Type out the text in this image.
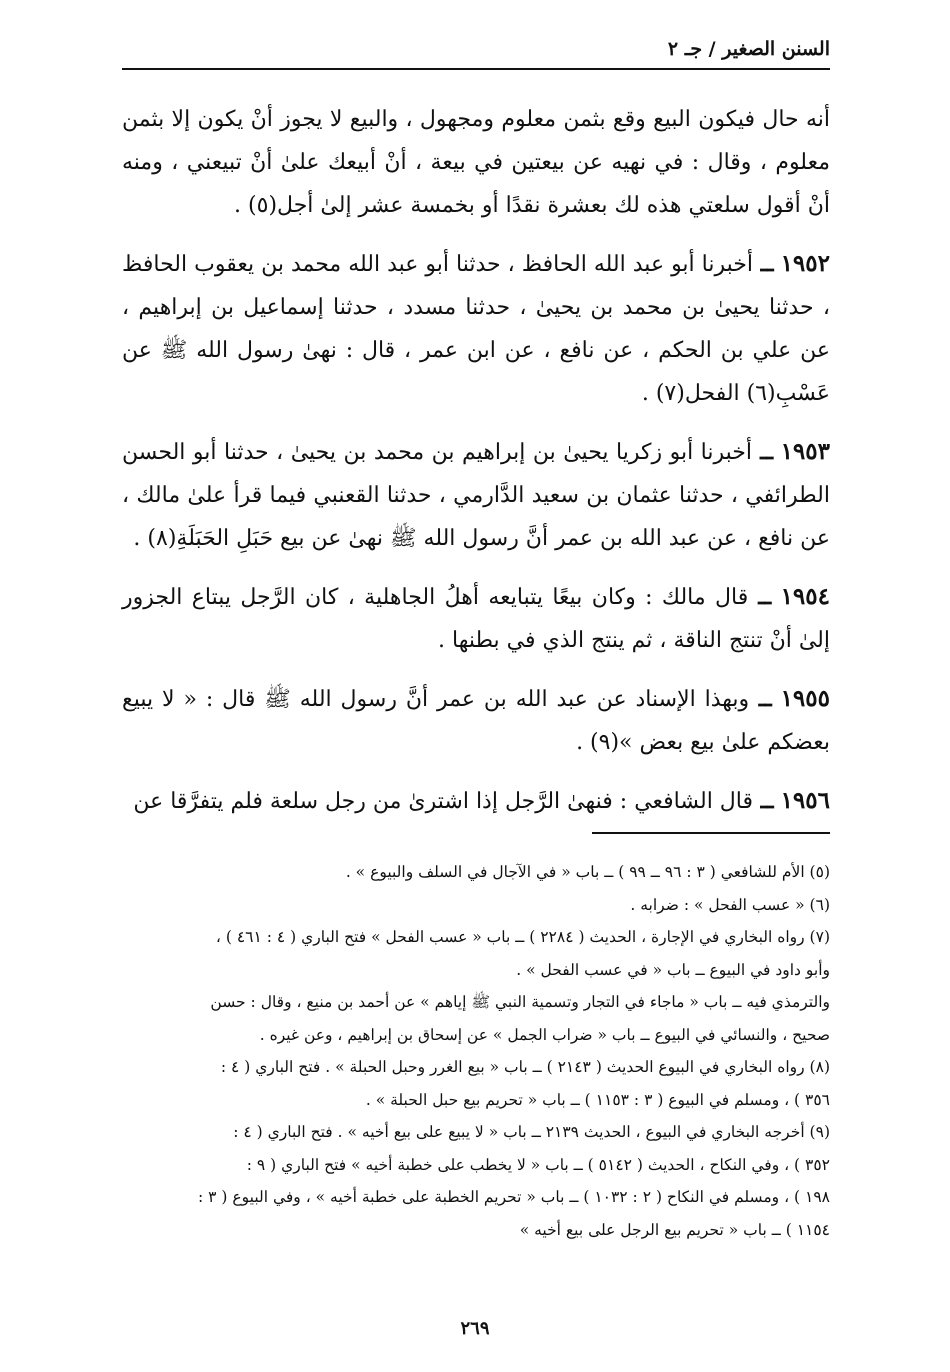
السنن الصغير / جـ ٢

أنه حال فيكون البيع وقع بثمن معلوم ومجهول ، والبيع لا يجوز أنْ يكون إلا بثمن معلوم ، وقال : في نهيه عن بيعتين في بيعة ، أنْ أبيعك علىٰ أنْ تبيعني ، ومنه أنْ أقول سلعتي هذه لك بعشرة نقدًا أو بخمسة عشر إلىٰ أجل(٥) .

١٩٥٢ ــ أخبرنا أبو عبد الله الحافظ ، حدثنا أبو عبد الله محمد بن يعقوب الحافظ ، حدثنا يحيىٰ بن محمد بن يحيىٰ ، حدثنا مسدد ، حدثنا إسماعيل بن إبراهيم ، عن علي بن الحكم ، عن نافع ، عن ابن عمر ، قال : نهىٰ رسول الله ﷺ عن عَسْبِ(٦) الفحل(٧) .

١٩٥٣ ــ أخبرنا أبو زكريا يحيىٰ بن إبراهيم بن محمد بن يحيىٰ ، حدثنا أبو الحسن الطرائفي ، حدثنا عثمان بن سعيد الدَّارمي ، حدثنا القعنبي فيما قرأ علىٰ مالك ، عن نافع ، عن عبد الله بن عمر أنَّ رسول الله ﷺ نهىٰ عن بيع حَبَلِ الحَبَلَةِ(٨) .

١٩٥٤ ــ قال مالك : وكان بيعًا يتبايعه أهلُ الجاهلية ، كان الرَّجل يبتاع الجزور إلىٰ أنْ تنتج الناقة ، ثم ينتج الذي في بطنها .

١٩٥٥ ــ وبهذا الإسناد عن عبد الله بن عمر أنَّ رسول الله ﷺ قال : « لا يبيع بعضكم علىٰ بيع بعض »(٩) .

١٩٥٦ ــ قال الشافعي : فنهىٰ الرَّجل إذا اشترىٰ من رجل سلعة فلم يتفرَّقا عن

(٥) الأم للشافعي ( ٣ : ٩٦ ــ ٩٩ ) ــ باب « في الآجال في السلف والبيوع » .

(٦) « عسب الفحل » : ضرابه .

(٧) رواه البخاري في الإجارة ، الحديث ( ٢٢٨٤ ) ــ باب « عسب الفحل » فتح الباري ( ٤ : ٤٦١ ) ،

وأبو داود في البيوع ــ باب « في عسب الفحل » .

والترمذي فيه ــ باب « ماجاء في التجار وتسمية النبي ﷺ إياهم » عن أحمد بن منيع ، وقال : حسن

صحيح ، والنسائي في البيوع ــ باب « ضراب الجمل » عن إسحاق بن إبراهيم ، وعن غيره .

(٨) رواه البخاري في البيوع الحديث ( ٢١٤٣ ) ــ باب « بيع الغرر وحبل الحبلة » . فتح الباري ( ٤ :

٣٥٦ ) ، ومسلم في البيوع ( ٣ : ١١٥٣ ) ــ باب « تحريم بيع حبل الحبلة » .

(٩) أخرجه البخاري في البيوع ، الحديث ٢١٣٩ ــ باب « لا يبيع على بيع أخيه » . فتح الباري ( ٤ :

٣٥٢ ) ، وفي النكاح ، الحديث ( ٥١٤٢ ) ــ باب « لا يخطب على خطبة أخيه » فتح الباري ( ٩ :

١٩٨ ) ، ومسلم في النكاح ( ٢ : ١٠٣٢ ) ــ باب « تحريم الخطبة على خطبة أخيه » ، وفي البيوع ( ٣ :

١١٥٤ ) ــ باب « تحريم بيع الرجل على بيع أخيه »

٢٦٩
